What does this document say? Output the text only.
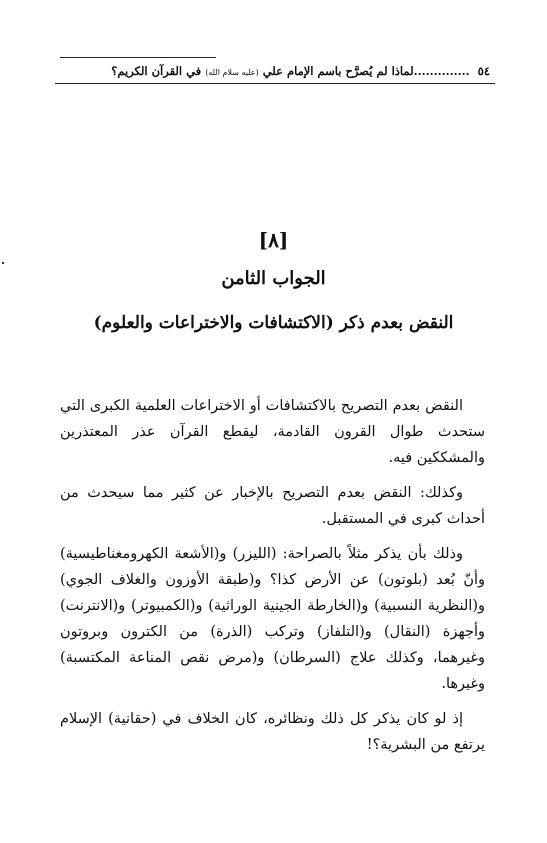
٥٤
..............لماذا لم يُصرَّح باسم الإمام علي (عليه سلام الله) في القرآن الكريم؟
[٨]
الجواب الثامن
النقض بعدم ذكر (الاكتشافات والاختراعات والعلوم)

النقض بعدم التصريح بالاكتشافات أو الاختراعات العلمية الكبرى التي ستحدث طوال القرون القادمة، ليقطع القرآن عذر المعتذرين والمشككين فيه.

وكذلك: النقض بعدم التصريح بالإخبار عن كثير مما سيحدث من أحداث كبرى في المستقبل.

وذلك بأن يذكر مثلاً بالصراحة: (الليزر) و(الأشعة الكهرومغناطيسية) وأنّ بُعد (بلوتون) عن الأرض كذا؟ و(طبقة الأوزون والغلاف الجوي) و(النظرية النسبية) و(الخارطة الجينية الوراثية) و(الكمبيوتر) و(الانترنت) وأجهزة (النقال) و(التلفاز) وتركب (الذرة) من الكترون وبروتون وغيرهما، وكذلك علاج (السرطان) و(مرض نقص المناعة المكتسبة) وغيرها.

إذ لو كان يذكر كل ذلك ونظائره، كان الخلاف في (حقانية) الإسلام يرتفع من البشرية؟!
